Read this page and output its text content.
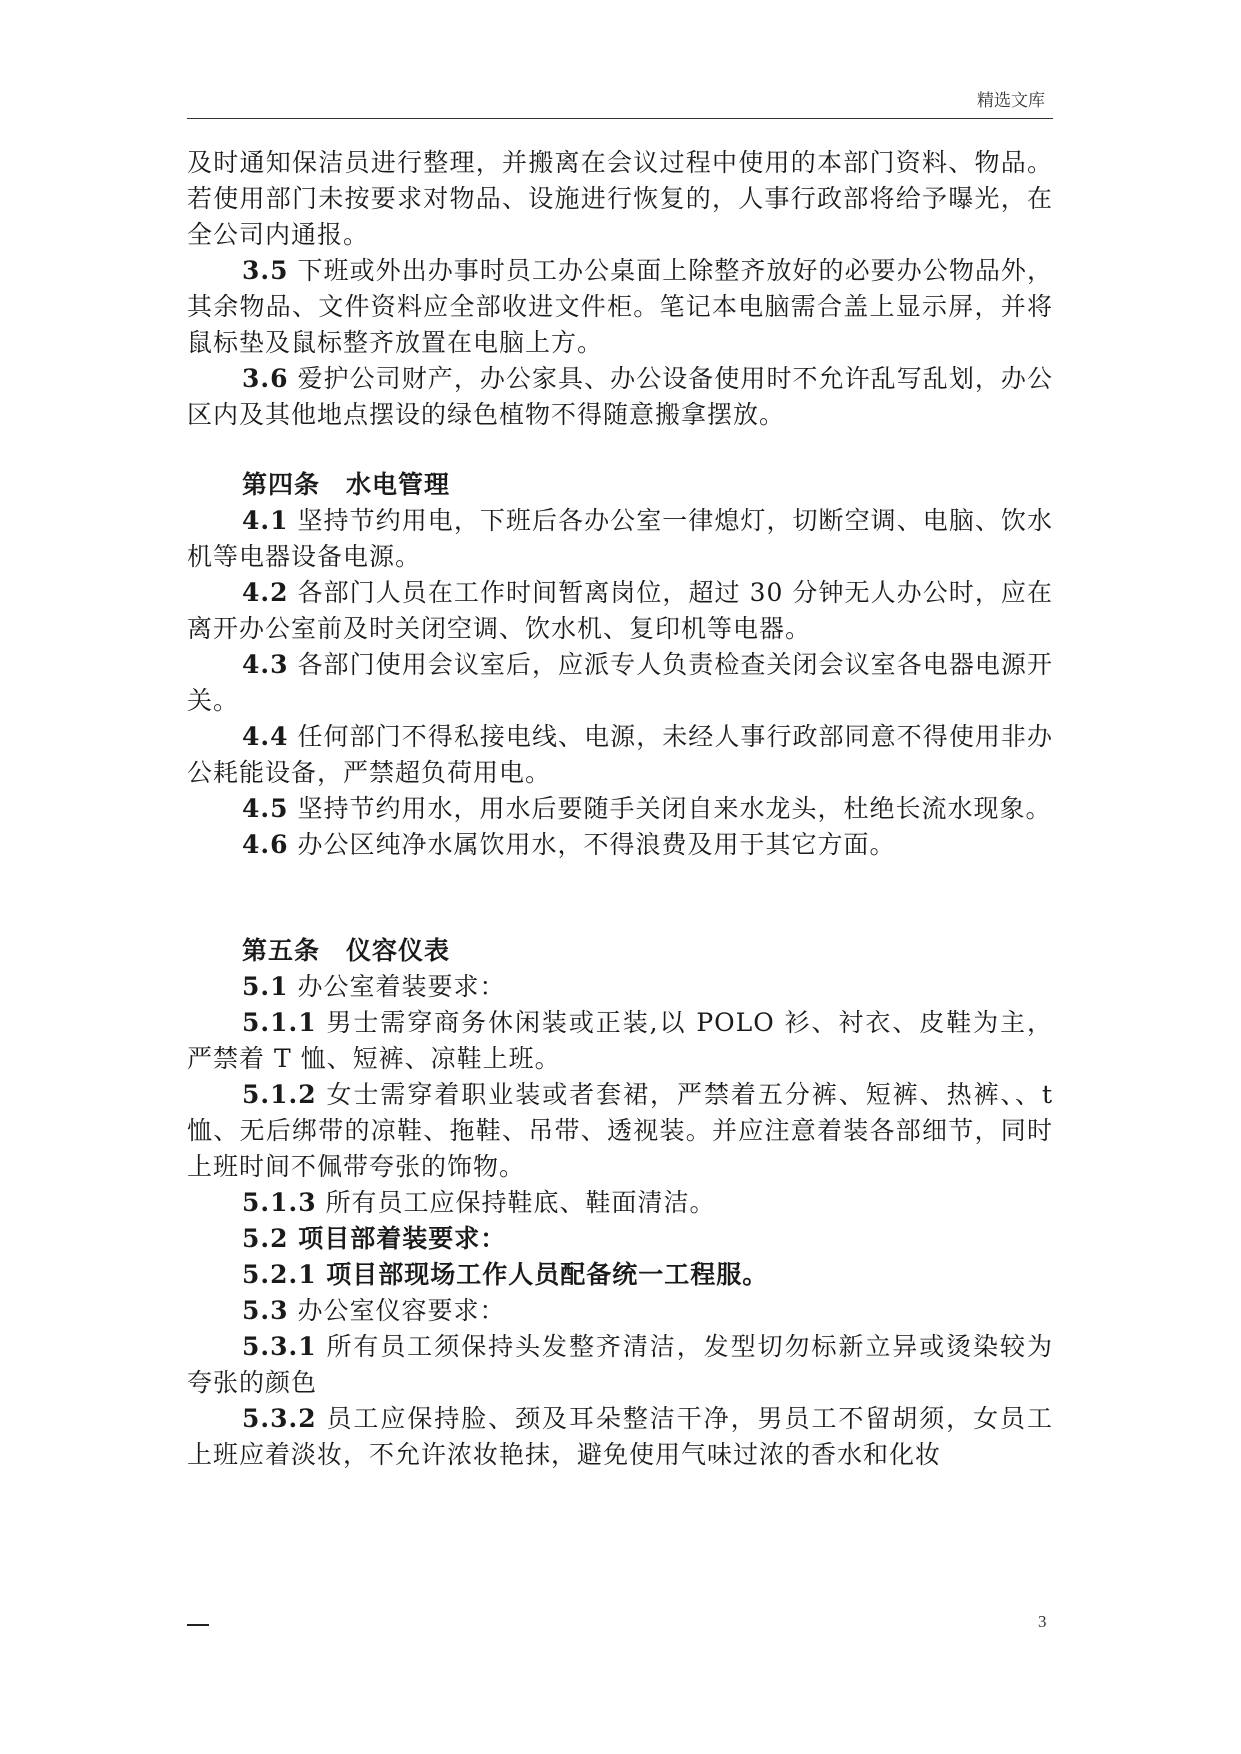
精选文库

及时通知保洁员进行整理，并搬离在会议过程中使用的本部门资料、物品。若使用部门未按要求对物品、设施进行恢复的，人事行政部将给予曝光，在全公司内通报。

3.5 下班或外出办事时员工办公桌面上除整齐放好的必要办公物品外，其余物品、文件资料应全部收进文件柜。笔记本电脑需合盖上显示屏，并将鼠标垫及鼠标整齐放置在电脑上方。

3.6 爱护公司财产，办公家具、办公设备使用时不允许乱写乱划，办公区内及其他地点摆设的绿色植物不得随意搬拿摆放。

第四条　水电管理

4.1 坚持节约用电，下班后各办公室一律熄灯，切断空调、电脑、饮水机等电器设备电源。

4.2 各部门人员在工作时间暂离岗位，超过 30 分钟无人办公时，应在离开办公室前及时关闭空调、饮水机、复印机等电器。

4.3 各部门使用会议室后，应派专人负责检查关闭会议室各电器电源开关。

4.4 任何部门不得私接电线、电源，未经人事行政部同意不得使用非办公耗能设备，严禁超负荷用电。

4.5 坚持节约用水，用水后要随手关闭自来水龙头，杜绝长流水现象。

4.6 办公区纯净水属饮用水，不得浪费及用于其它方面。

第五条　仪容仪表

5.1 办公室着装要求：

5.1.1 男士需穿商务休闲装或正装,以 POLO 衫、衬衣、皮鞋为主，严禁着 T 恤、短裤、凉鞋上班。

5.1.2 女士需穿着职业装或者套裙，严禁着五分裤、短裤、热裤、、t 恤、无后绑带的凉鞋、拖鞋、吊带、透视装。并应注意着装各部细节，同时上班时间不佩带夸张的饰物。

5.1.3 所有员工应保持鞋底、鞋面清洁。

5.2 项目部着装要求：

5.2.1 项目部现场工作人员配备统一工程服。

5.3 办公室仪容要求：

5.3.1 所有员工须保持头发整齐清洁，发型切勿标新立异或烫染较为夸张的颜色

5.3.2 员工应保持脸、颈及耳朵整洁干净，男员工不留胡须，女员工上班应着淡妆，不允许浓妆艳抹，避免使用气味过浓的香水和化妆

3
